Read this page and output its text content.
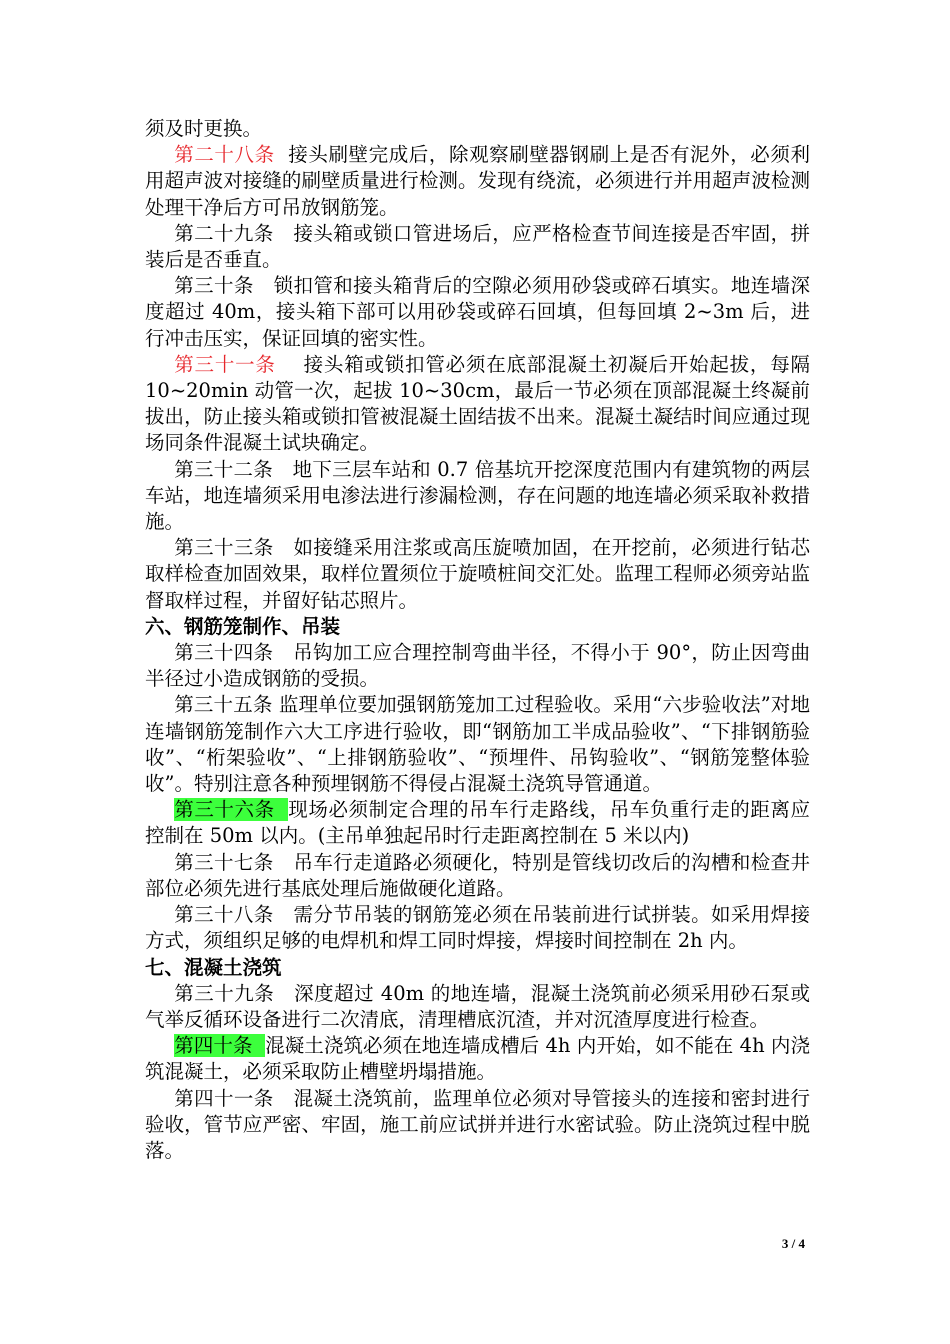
须及时更换。

第二十八条 接头刷壁完成后，除观察刷壁器钢刷上是否有泥外，必须利用超声波对接缝的刷壁质量进行检测。发现有绕流，必须进行并用超声波检测处理干净后方可吊放钢筋笼。

第二十九条　接头箱或锁口管进场后，应严格检查节间连接是否牢固，拼装后是否垂直。

第三十条　锁扣管和接头箱背后的空隙必须用砂袋或碎石填实。地连墙深度超过 40m，接头箱下部可以用砂袋或碎石回填，但每回填 2~3m 后，进行冲击压实，保证回填的密实性。

第三十一条 接头箱或锁扣管必须在底部混凝土初凝后开始起拔，每隔 10~20min 动管一次，起拔 10~30cm，最后一节必须在顶部混凝土终凝前拔出，防止接头箱或锁扣管被混凝土固结拔不出来。混凝土凝结时间应通过现场同条件混凝土试块确定。

第三十二条　地下三层车站和 0.7 倍基坑开挖深度范围内有建筑物的两层车站，地连墙须采用电渗法进行渗漏检测，存在问题的地连墙必须采取补救措施。

第三十三条　如接缝采用注浆或高压旋喷加固，在开挖前，必须进行钻芯取样检查加固效果，取样位置须位于旋喷桩间交汇处。监理工程师必须旁站监督取样过程，并留好钻芯照片。

六、钢筋笼制作、吊装

第三十四条　吊钩加工应合理控制弯曲半径，不得小于 90°，防止因弯曲半径过小造成钢筋的受损。

第三十五条 监理单位要加强钢筋笼加工过程验收。采用“六步验收法”对地连墙钢筋笼制作六大工序进行验收，即“钢筋加工半成品验收”、“下排钢筋验收”、“桁架验收”、“上排钢筋验收”、“预埋件、吊钩验收”、“钢筋笼整体验收”。特别注意各种预埋钢筋不得侵占混凝土浇筑导管通道。

第三十六条 现场必须制定合理的吊车行走路线，吊车负重行走的距离应控制在 50m 以内。(主吊单独起吊时行走距离控制在 5 米以内)

第三十七条　吊车行走道路必须硬化，特别是管线切改后的沟槽和检查井部位必须先进行基底处理后施做硬化道路。

第三十八条　需分节吊装的钢筋笼必须在吊装前进行试拼装。如采用焊接方式，须组织足够的电焊机和焊工同时焊接，焊接时间控制在 2h 内。

七、混凝土浇筑

第三十九条　深度超过 40m 的地连墙，混凝土浇筑前必须采用砂石泵或气举反循环设备进行二次清底，清理槽底沉渣，并对沉渣厚度进行检查。

第四十条 混凝土浇筑必须在地连墙成槽后 4h 内开始，如不能在 4h 内浇筑混凝土，必须采取防止槽壁坍塌措施。

第四十一条　混凝土浇筑前，监理单位必须对导管接头的连接和密封进行验收，管节应严密、牢固，施工前应试拼并进行水密试验。防止浇筑过程中脱落。

3 / 4
